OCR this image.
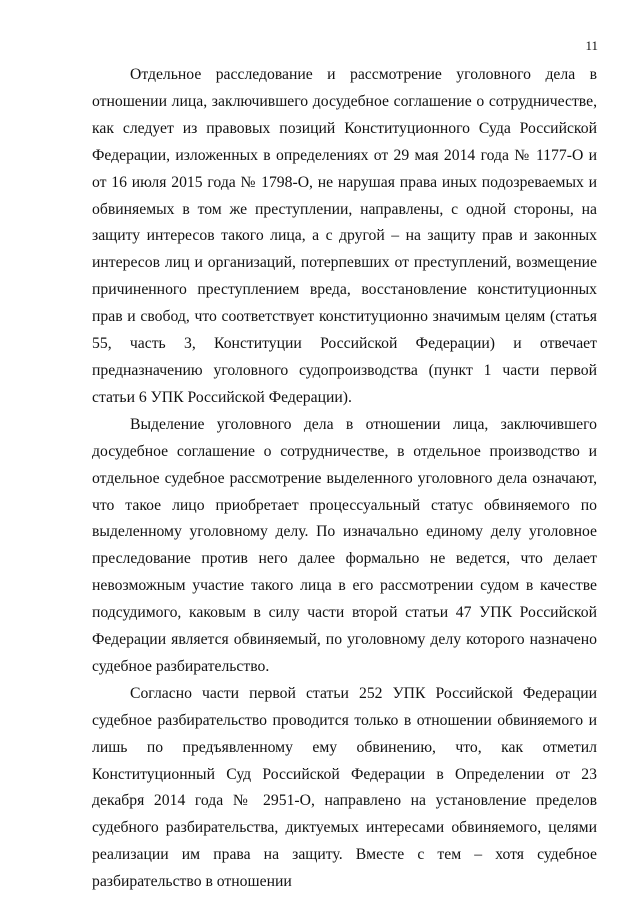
11

Отдельное расследование и рассмотрение уголовного дела в отношении лица, заключившего досудебное соглашение о сотрудничестве, как следует из правовых позиций Конституционного Суда Российской Федерации, изложенных в определениях от 29 мая 2014 года № 1177-О и от 16 июля 2015 года № 1798-О, не нарушая права иных подозреваемых и обвиняемых в том же преступлении, направлены, с одной стороны, на защиту интересов такого лица, а с другой – на защиту прав и законных интересов лиц и организаций, потерпевших от преступлений, возмещение причиненного преступлением вреда, восстановление конституционных прав и свобод, что соответствует конституционно значимым целям (статья 55, часть 3, Конституции Российской Федерации) и отвечает предназначению уголовного судопроизводства (пункт 1 части первой статьи 6 УПК Российской Федерации).

Выделение уголовного дела в отношении лица, заключившего досудебное соглашение о сотрудничестве, в отдельное производство и отдельное судебное рассмотрение выделенного уголовного дела означают, что такое лицо приобретает процессуальный статус обвиняемого по выделенному уголовному делу. По изначально единому делу уголовное преследование против него далее формально не ведется, что делает невозможным участие такого лица в его рассмотрении судом в качестве подсудимого, каковым в силу части второй статьи 47 УПК Российской Федерации является обвиняемый, по уголовному делу которого назначено судебное разбирательство.

Согласно части первой статьи 252 УПК Российской Федерации судебное разбирательство проводится только в отношении обвиняемого и лишь по предъявленному ему обвинению, что, как отметил Конституционный Суд Российской Федерации в Определении от 23 декабря 2014 года № 2951-О, направлено на установление пределов судебного разбирательства, диктуемых интересами обвиняемого, целями реализации им права на защиту. Вместе с тем – хотя судебное разбирательство в отношении
